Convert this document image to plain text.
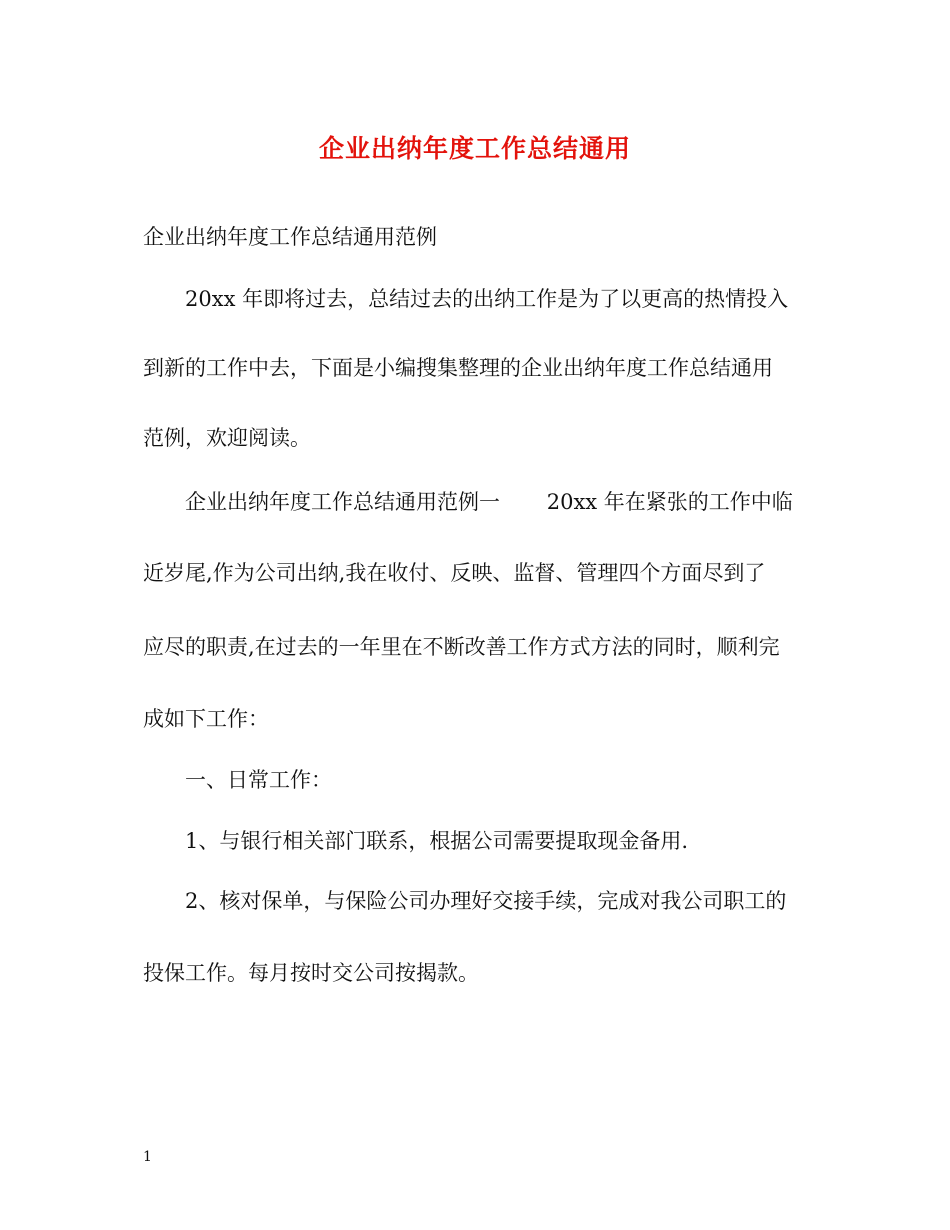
企业出纳年度工作总结通用
企业出纳年度工作总结通用范例
20xx 年即将过去，总结过去的出纳工作是为了以更高的热情投入
到新的工作中去，下面是小编搜集整理的企业出纳年度工作总结通用
范例，欢迎阅读。
企业出纳年度工作总结通用范例一       20xx 年在紧张的工作中临
近岁尾,作为公司出纳,我在收付、反映、监督、管理四个方面尽到了
应尽的职责,在过去的一年里在不断改善工作方式方法的同时，顺利完
成如下工作：
一、日常工作：
1、与银行相关部门联系，根据公司需要提取现金备用.
2、核对保单，与保险公司办理好交接手续，完成对我公司职工的
投保工作。每月按时交公司按揭款。
1
